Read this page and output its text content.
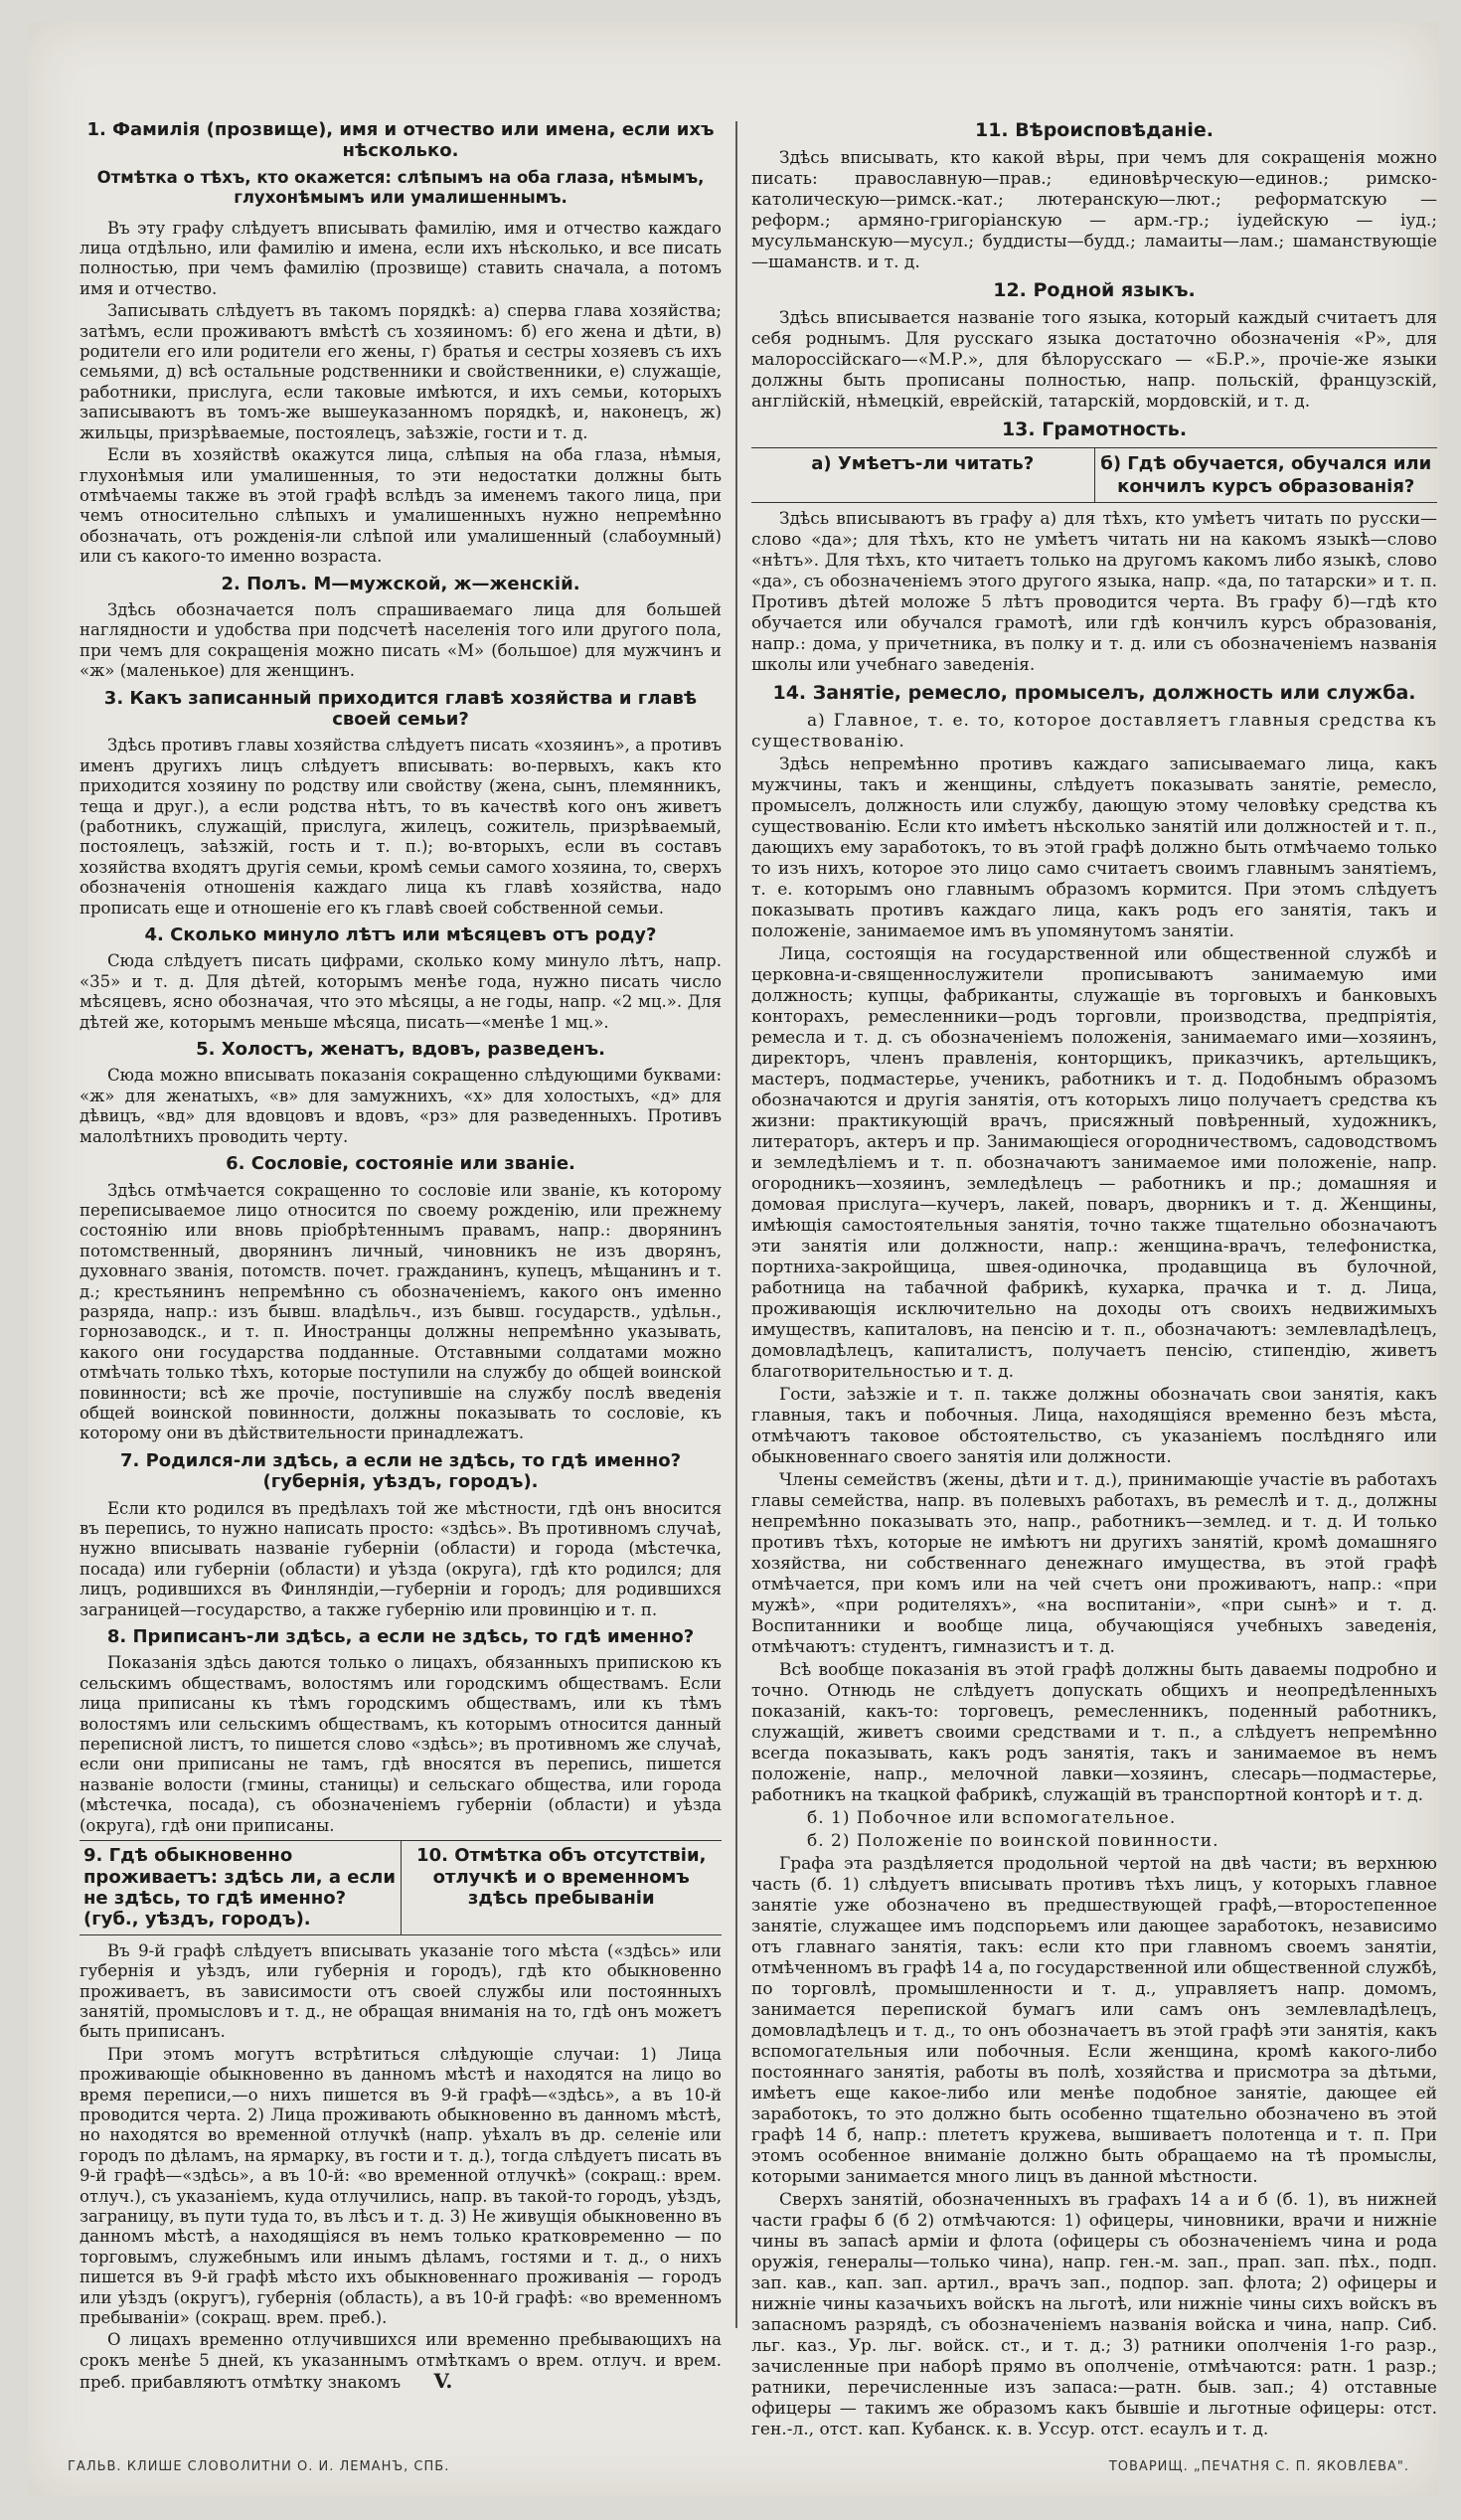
1. Фамилія (прозвище), имя и отчество или имена, если ихъ нѣсколько.
Отмѣтка о тѣхъ, кто окажется: слѣпымъ на оба глаза, нѣмымъ, глухонѣмымъ или умалишеннымъ.

Въ эту графу слѣдуетъ вписывать фамилію, имя и отчество каждаго лица отдѣльно, или фамилію и имена, если ихъ нѣсколько, и все писать полностью, при чемъ фамилію (прозвище) ставить сначала, а потомъ имя и отчество.

Записывать слѣдуетъ въ такомъ порядкѣ: а) сперва глава хозяйства; затѣмъ, если проживаютъ вмѣстѣ съ хозяиномъ: б) его жена и дѣти, в) родители его или родители его жены, г) братья и сестры хозяевъ съ ихъ семьями, д) всѣ остальные родственники и свойственники, е) служащіе, работники, прислуга, если таковые имѣются, и ихъ семьи, которыхъ записываютъ въ томъ-же вышеуказанномъ порядкѣ, и, наконецъ, ж) жильцы, призрѣваемые, постоялецъ, заѣзжіе, гости и т. д.

Если въ хозяйствѣ окажутся лица, слѣпыя на оба глаза, нѣмыя, глухонѣмыя или умалишенныя, то эти недостатки должны быть отмѣчаемы также въ этой графѣ вслѣдъ за именемъ такого лица, при чемъ относительно слѣпыхъ и умалишенныхъ нужно непремѣнно обозначать, отъ рожденія-ли слѣпой или умалишенный (слабоумный) или съ какого-то именно возраста.

2. Полъ. М—мужской, ж—женскій.

Здѣсь обозначается полъ спрашиваемаго лица для большей наглядности и удобства при подсчетѣ населенія того или другого пола, при чемъ для сокращенія можно писать «М» (большое) для мужчинъ и «ж» (маленькое) для женщинъ.

3. Какъ записанный приходится главѣ хозяйства и главѣ своей семьи?

Здѣсь противъ главы хозяйства слѣдуетъ писать «хозяинъ», а противъ именъ другихъ лицъ слѣдуетъ вписывать: во-первыхъ, какъ кто приходится хозяину по родству или свойству (жена, сынъ, племянникъ, теща и друг.), а если родства нѣтъ, то въ качествѣ кого онъ живетъ (работникъ, служащій, прислуга, жилецъ, сожитель, призрѣваемый, постоялецъ, заѣзжій, гость и т. п.); во-вторыхъ, если въ составъ хозяйства входятъ другія семьи, кромѣ семьи самого хозяина, то, сверхъ обозначенія отношенія каждаго лица къ главѣ хозяйства, надо прописать еще и отношеніе его къ главѣ своей собственной семьи.

4. Сколько минуло лѣтъ или мѣсяцевъ отъ роду?

Сюда слѣдуетъ писать цифрами, сколько кому минуло лѣтъ, напр. «35» и т. д. Для дѣтей, которымъ менѣе года, нужно писать число мѣсяцевъ, ясно обозначая, что это мѣсяцы, а не годы, напр. «2 мц.». Для дѣтей же, которымъ меньше мѣсяца, писать—«менѣе 1 мц.».

5. Холостъ, женатъ, вдовъ, разведенъ.

Сюда можно вписывать показанія сокращенно слѣдующими буквами: «ж» для женатыхъ, «в» для замужнихъ, «х» для холостыхъ, «д» для дѣвицъ, «вд» для вдовцовъ и вдовъ, «рз» для разведенныхъ. Противъ малолѣтнихъ проводить черту.

6. Сословіе, состояніе или званіе.

Здѣсь отмѣчается сокращенно то сословіе или званіе, къ которому переписываемое лицо относится по своему рожденію, или прежнему состоянію или вновь пріобрѣтеннымъ правамъ, напр.: дворянинъ потомственный, дворянинъ личный, чиновникъ не изъ дворянъ, духовнаго званія, потомств. почет. гражданинъ, купецъ, мѣщанинъ и т. д.; крестьянинъ непремѣнно съ обозначеніемъ, какого онъ именно разряда, напр.: изъ бывш. владѣльч., изъ бывш. государств., удѣльн., горнозаводск., и т. п. Иностранцы должны непремѣнно указывать, какого они государства подданные. Отставными солдатами можно отмѣчать только тѣхъ, которые поступили на службу до общей воинской повинности; всѣ же прочіе, поступившіе на службу послѣ введенія общей воинской повинности, должны показывать то сословіе, къ которому они въ дѣйствительности принадлежатъ.

7. Родился-ли здѣсь, а если не здѣсь, то гдѣ именно? (губернія, уѣздъ, городъ).

Если кто родился въ предѣлахъ той же мѣстности, гдѣ онъ вносится въ перепись, то нужно написать просто: «здѣсь». Въ противномъ случаѣ, нужно вписывать названіе губерніи (области) и города (мѣстечка, посада) или губерніи (области) и уѣзда (округа), гдѣ кто родился; для лицъ, родившихся въ Финляндіи,—губерніи и городъ; для родившихся заграницей—государство, а также губернію или провинцію и т. п.

8. Приписанъ-ли здѣсь, а если не здѣсь, то гдѣ именно?

Показанія здѣсь даются только о лицахъ, обязанныхъ припискою къ сельскимъ обществамъ, волостямъ или городскимъ обществамъ. Если лица приписаны къ тѣмъ городскимъ обществамъ, или къ тѣмъ волостямъ или сельскимъ обществамъ, къ которымъ относится данный переписной листъ, то пишется слово «здѣсь»; въ противномъ же случаѣ, если они приписаны не тамъ, гдѣ вносятся въ перепись, пишется названіе волости (гмины, станицы) и сельскаго общества, или города (мѣстечка, посада), съ обозначеніемъ губерніи (области) и уѣзда (округа), гдѣ они приписаны.

9. Гдѣ обыкновенно проживаетъ: здѣсь ли, а если не здѣсь, то гдѣ именно? (губ., уѣздъ, городъ).
10. Отмѣтка объ отсутствіи, отлучкѣ и о временномъ здѣсь пребываніи

Въ 9-й графѣ слѣдуетъ вписывать указаніе того мѣста («здѣсь» или губернія и уѣздъ, или губернія и городъ), гдѣ кто обыкновенно проживаетъ, въ зависимости отъ своей службы или постоянныхъ занятій, промысловъ и т. д., не обращая вниманія на то, гдѣ онъ можетъ быть приписанъ.

При этомъ могутъ встрѣтиться слѣдующіе случаи: 1) Лица проживающіе обыкновенно въ данномъ мѣстѣ и находятся на лицо во время переписи,—о нихъ пишется въ 9-й графѣ—«здѣсь», а въ 10-й проводится черта. 2) Лица проживають обыкновенно въ данномъ мѣстѣ, но находятся во временной отлучкѣ (напр. уѣхалъ въ др. селеніе или городъ по дѣламъ, на ярмарку, въ гости и т. д.), тогда слѣдуетъ писать въ 9-й графѣ—«здѣсь», а въ 10-й: «во временной отлучкѣ» (сокращ.: врем. отлуч.), съ указаніемъ, куда отлучились, напр. въ такой-то городъ, уѣздъ, заграницу, въ пути туда то, въ лѣсъ и т. д. 3) Не живущія обыкновенно въ данномъ мѣстѣ, а находящіяся въ немъ только кратковременно — по торговымъ, служебнымъ или инымъ дѣламъ, гостями и т. д., о нихъ пишется въ 9-й графѣ мѣсто ихъ обыкновеннаго проживанія — городъ или уѣздъ (округъ), губернія (область), а въ 10-й графѣ: «во временномъ пребываніи» (сокращ. врем. преб.).

О лицахъ временно отлучившихся или временно пребывающихъ на срокъ менѣе 5 дней, къ указаннымъ отмѣткамъ о врем. отлуч. и врем. преб. прибавляютъ отмѣтку знакомъ V.

11. Вѣроисповѣданіе.

Здѣсь вписывать, кто какой вѣры, при чемъ для сокращенія можно писать: православную—прав.; единовѣрческую—единов.; римско-католическую—римск.-кат.; лютеранскую—лют.; реформатскую — реформ.; армяно-григоріанскую — арм.-гр.; іудейскую — іуд.; мусульманскую—мусул.; буддисты—будд.; ламаиты—лам.; шаманствующіе—шаманств. и т. д.

12. Родной языкъ.

Здѣсь вписывается названіе того языка, который каждый считаетъ для себя роднымъ. Для русскаго языка достаточно обозначенія «Р», для малороссійскаго—«М.Р.», для бѣлорусскаго — «Б.Р.», прочіе-же языки должны быть прописаны полностью, напр. польскій, французскій, англійскій, нѣмецкій, еврейскій, татарскій, мордовскій, и т. д.

13. Грамотность.
а) Умѣетъ-ли читать?	б) Гдѣ обучается, обучался или кончилъ курсъ образованія?

Здѣсь вписываютъ въ графу а) для тѣхъ, кто умѣетъ читать по русски—слово «да»; для тѣхъ, кто не умѣетъ читать ни на какомъ языкѣ—слово «нѣтъ». Для тѣхъ, кто читаетъ только на другомъ какомъ либо языкѣ, слово «да», съ обозначеніемъ этого другого языка, напр. «да, по татарски» и т. п. Противъ дѣтей моложе 5 лѣтъ проводится черта. Въ графу б)—гдѣ кто обучается или обучался грамотѣ, или гдѣ кончилъ курсъ образованія, напр.: дома, у причетника, въ полку и т. д. или съ обозначеніемъ названія школы или учебнаго заведенія.

14. Занятіе, ремесло, промыселъ, должность или служба.

а) Главное, т. е. то, которое доставляетъ главныя средства къ существованію.

Здѣсь непремѣнно противъ каждаго записываемаго лица, какъ мужчины, такъ и женщины, слѣдуетъ показывать занятіе, ремесло, промыселъ, должность или службу, дающую этому человѣку средства къ существованію. Если кто имѣетъ нѣсколько занятій или должностей и т. п., дающихъ ему заработокъ, то въ этой графѣ должно быть отмѣчаемо только то изъ нихъ, которое это лицо само считаетъ своимъ главнымъ занятіемъ, т. е. которымъ оно главнымъ образомъ кормится. При этомъ слѣдуетъ показывать противъ каждаго лица, какъ родъ его занятія, такъ и положеніе, занимаемое имъ въ упомянутомъ занятіи.

Лица, состоящія на государственной или общественной службѣ и церковна-и-священнослужители прописываютъ занимаемую ими должность; купцы, фабриканты, служащіе въ торговыхъ и банковыхъ конторахъ, ремесленники—родъ торговли, производства, предпріятія, ремесла и т. д. съ обозначеніемъ положенія, занимаемаго ими—хозяинъ, директоръ, членъ правленія, конторщикъ, приказчикъ, артельщикъ, мастеръ, подмастерье, ученикъ, работникъ и т. д. Подобнымъ образомъ обозначаются и другія занятія, отъ которыхъ лицо получаетъ средства къ жизни: практикующій врачъ, присяжный повѣренный, художникъ, литераторъ, актеръ и пр. Занимающіеся огородничествомъ, садоводствомъ и земледѣліемъ и т. п. обозначаютъ занимаемое ими положеніе, напр. огородникъ—хозяинъ, земледѣлецъ — работникъ и пр.; домашняя и домовая прислуга—кучеръ, лакей, поваръ, дворникъ и т. д. Женщины, имѣющія самостоятельныя занятія, точно также тщательно обозначаютъ эти занятія или должности, напр.: женщина-врачъ, телефонистка, портниха-закройщица, швея-одиночка, продавщица въ булочной, работница на табачной фабрикѣ, кухарка, прачка и т. д. Лица, проживающія исключительно на доходы отъ своихъ недвижимыхъ имуществъ, капиталовъ, на пенсію и т. п., обозначаютъ: землевладѣлецъ, домовладѣлецъ, капиталистъ, получаетъ пенсію, стипендію, живетъ благотворительностью и т. д.

Гости, заѣзжіе и т. п. также должны обозначать свои занятія, какъ главныя, такъ и побочныя. Лица, находящіяся временно безъ мѣста, отмѣчаютъ таковое обстоятельство, съ указаніемъ послѣдняго или обыкновеннаго своего занятія или должности.

Члены семействъ (жены, дѣти и т. д.), принимающіе участіе въ работахъ главы семейства, напр. въ полевыхъ работахъ, въ ремеслѣ и т. д., должны непремѣнно показывать это, напр., работникъ—землед. и т. д. И только противъ тѣхъ, которые не имѣютъ ни другихъ занятій, кромѣ домашняго хозяйства, ни собственнаго денежнаго имущества, въ этой графѣ отмѣчается, при комъ или на чей счетъ они проживаютъ, напр.: «при мужѣ», «при родителяхъ», «на воспитаніи», «при сынѣ» и т. д. Воспитанники и вообще лица, обучающіяся учебныхъ заведенія, отмѣчаютъ: студентъ, гимназистъ и т. д.

Всѣ вообще показанія въ этой графѣ должны быть даваемы подробно и точно. Отнюдь не слѣдуетъ допускать общихъ и неопредѣленныхъ показаній, какъ-то: торговецъ, ремесленникъ, поденный работникъ, служащій, живетъ своими средствами и т. п., а слѣдуетъ непремѣнно всегда показывать, какъ родъ занятія, такъ и занимаемое въ немъ положеніе, напр., мелочной лавки—хозяинъ, слесарь—подмастерье, работникъ на ткацкой фабрикѣ, служащій въ транспортной конторѣ и т. д.

б. 1) Побочное или вспомогательное.

б. 2) Положеніе по воинской повинности.

Графа эта раздѣляется продольной чертой на двѣ части; въ верхнюю часть (б. 1) слѣдуетъ вписывать противъ тѣхъ лицъ, у которыхъ главное занятіе уже обозначено въ предшествующей графѣ,—второстепенное занятіе, служащее имъ подспорьемъ или дающее заработокъ, независимо отъ главнаго занятія, такъ: если кто при главномъ своемъ занятіи, отмѣченномъ въ графѣ 14 а, по государственной или общественной службѣ, по торговлѣ, промышленности и т. д., управляетъ напр. домомъ, занимается перепиской бумагъ или самъ онъ землевладѣлецъ, домовладѣлецъ и т. д., то онъ обозначаетъ въ этой графѣ эти занятія, какъ вспомогательныя или побочныя. Если женщина, кромѣ какого-либо постояннаго занятія, работы въ полѣ, хозяйства и присмотра за дѣтьми, имѣетъ еще какое-либо или менѣе подобное занятіе, дающее ей заработокъ, то это должно быть особенно тщательно обозначено въ этой графѣ 14 б, напр.: плететъ кружева, вышиваетъ полотенца и т. п. При этомъ особенное вниманіе должно быть обращаемо на тѣ промыслы, которыми занимается много лицъ въ данной мѣстности.

Сверхъ занятій, обозначенныхъ въ графахъ 14 а и б (б. 1), въ нижней части графы б (б 2) отмѣчаются: 1) офицеры, чиновники, врачи и нижніе чины въ запасѣ арміи и флота (офицеры съ обозначеніемъ чина и рода оружія, генералы—только чина), напр. ген.-м. зап., прап. зап. пѣх., подп. зап. кав., кап. зап. артил., врачъ зап., подпор. зап. флота; 2) офицеры и нижніе чины казачьихъ войскъ на льготѣ, или нижніе чины сихъ войскъ въ запасномъ разрядѣ, съ обозначеніемъ названія войска и чина, напр. Сиб. льг. каз., Ур. льг. войск. ст., и т. д.; 3) ратники ополченія 1-го разр., зачисленные при наборѣ прямо въ ополченіе, отмѣчаются: ратн. 1 разр.; ратники, перечисленные изъ запаса:—ратн. быв. зап.; 4) отставные офицеры — такимъ же образомъ какъ бывшіе и льготные офицеры: отст. ген.-л., отст. кап. Кубанск. к. в. Уссур. отст. есаулъ и т. д.

ГАЛЬВ. КЛИШЕ СЛОВОЛИТНИ О. И. ЛЕМАНЪ, СПБ.	ТОВАРИЩ. „ПЕЧАТНЯ С. П. ЯКОВЛЕВА".
